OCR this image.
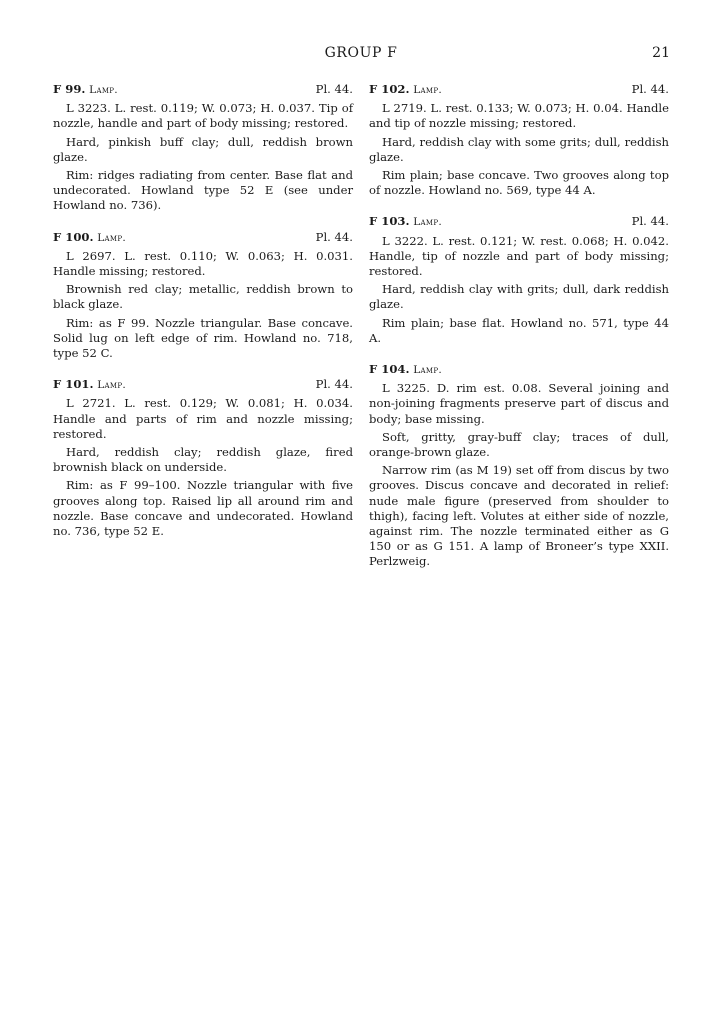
GROUP F	21
F 99. Lamp.	Pl. 44.

L 3223. L. rest. 0.119; W. 0.073; H. 0.037. Tip of nozzle, handle and part of body missing; restored.

Hard, pinkish buff clay; dull, reddish brown glaze.

Rim: ridges radiating from center. Base flat and undecorated. Howland type 52 E (see under Howland no. 736).

F 100. Lamp.	Pl. 44.

L 2697. L. rest. 0.110; W. 0.063; H. 0.031. Handle missing; restored.

Brownish red clay; metallic, reddish brown to black glaze.

Rim: as F 99. Nozzle triangular. Base concave. Solid lug on left edge of rim. Howland no. 718, type 52 C.

F 101. Lamp.	Pl. 44.

L 2721. L. rest. 0.129; W. 0.081; H. 0.034. Handle and parts of rim and nozzle missing; restored.

Hard, reddish clay; reddish glaze, fired brownish black on underside.

Rim: as F 99–100. Nozzle triangular with five grooves along top. Raised lip all around rim and nozzle. Base concave and undecorated. Howland no. 736, type 52 E.

F 102. Lamp.	Pl. 44.

L 2719. L. rest. 0.133; W. 0.073; H. 0.04. Handle and tip of nozzle missing; restored.

Hard, reddish clay with some grits; dull, reddish glaze.

Rim plain; base concave. Two grooves along top of nozzle. Howland no. 569, type 44 A.

F 103. Lamp.	Pl. 44.

L 3222. L. rest. 0.121; W. rest. 0.068; H. 0.042. Handle, tip of nozzle and part of body missing; restored.

Hard, reddish clay with grits; dull, dark reddish glaze.

Rim plain; base flat. Howland no. 571, type 44 A.

F 104. Lamp.

L 3225. D. rim est. 0.08. Several joining and non-joining fragments preserve part of discus and body; base missing.

Soft, gritty, gray-buff clay; traces of dull, orange-brown glaze.

Narrow rim (as M 19) set off from discus by two grooves. Discus concave and decorated in relief: nude male figure (preserved from shoulder to thigh), facing left. Volutes at either side of nozzle, against rim. The nozzle terminated either as G 150 or as G 151. A lamp of Broneer’s type XXII. Perlzweig.
